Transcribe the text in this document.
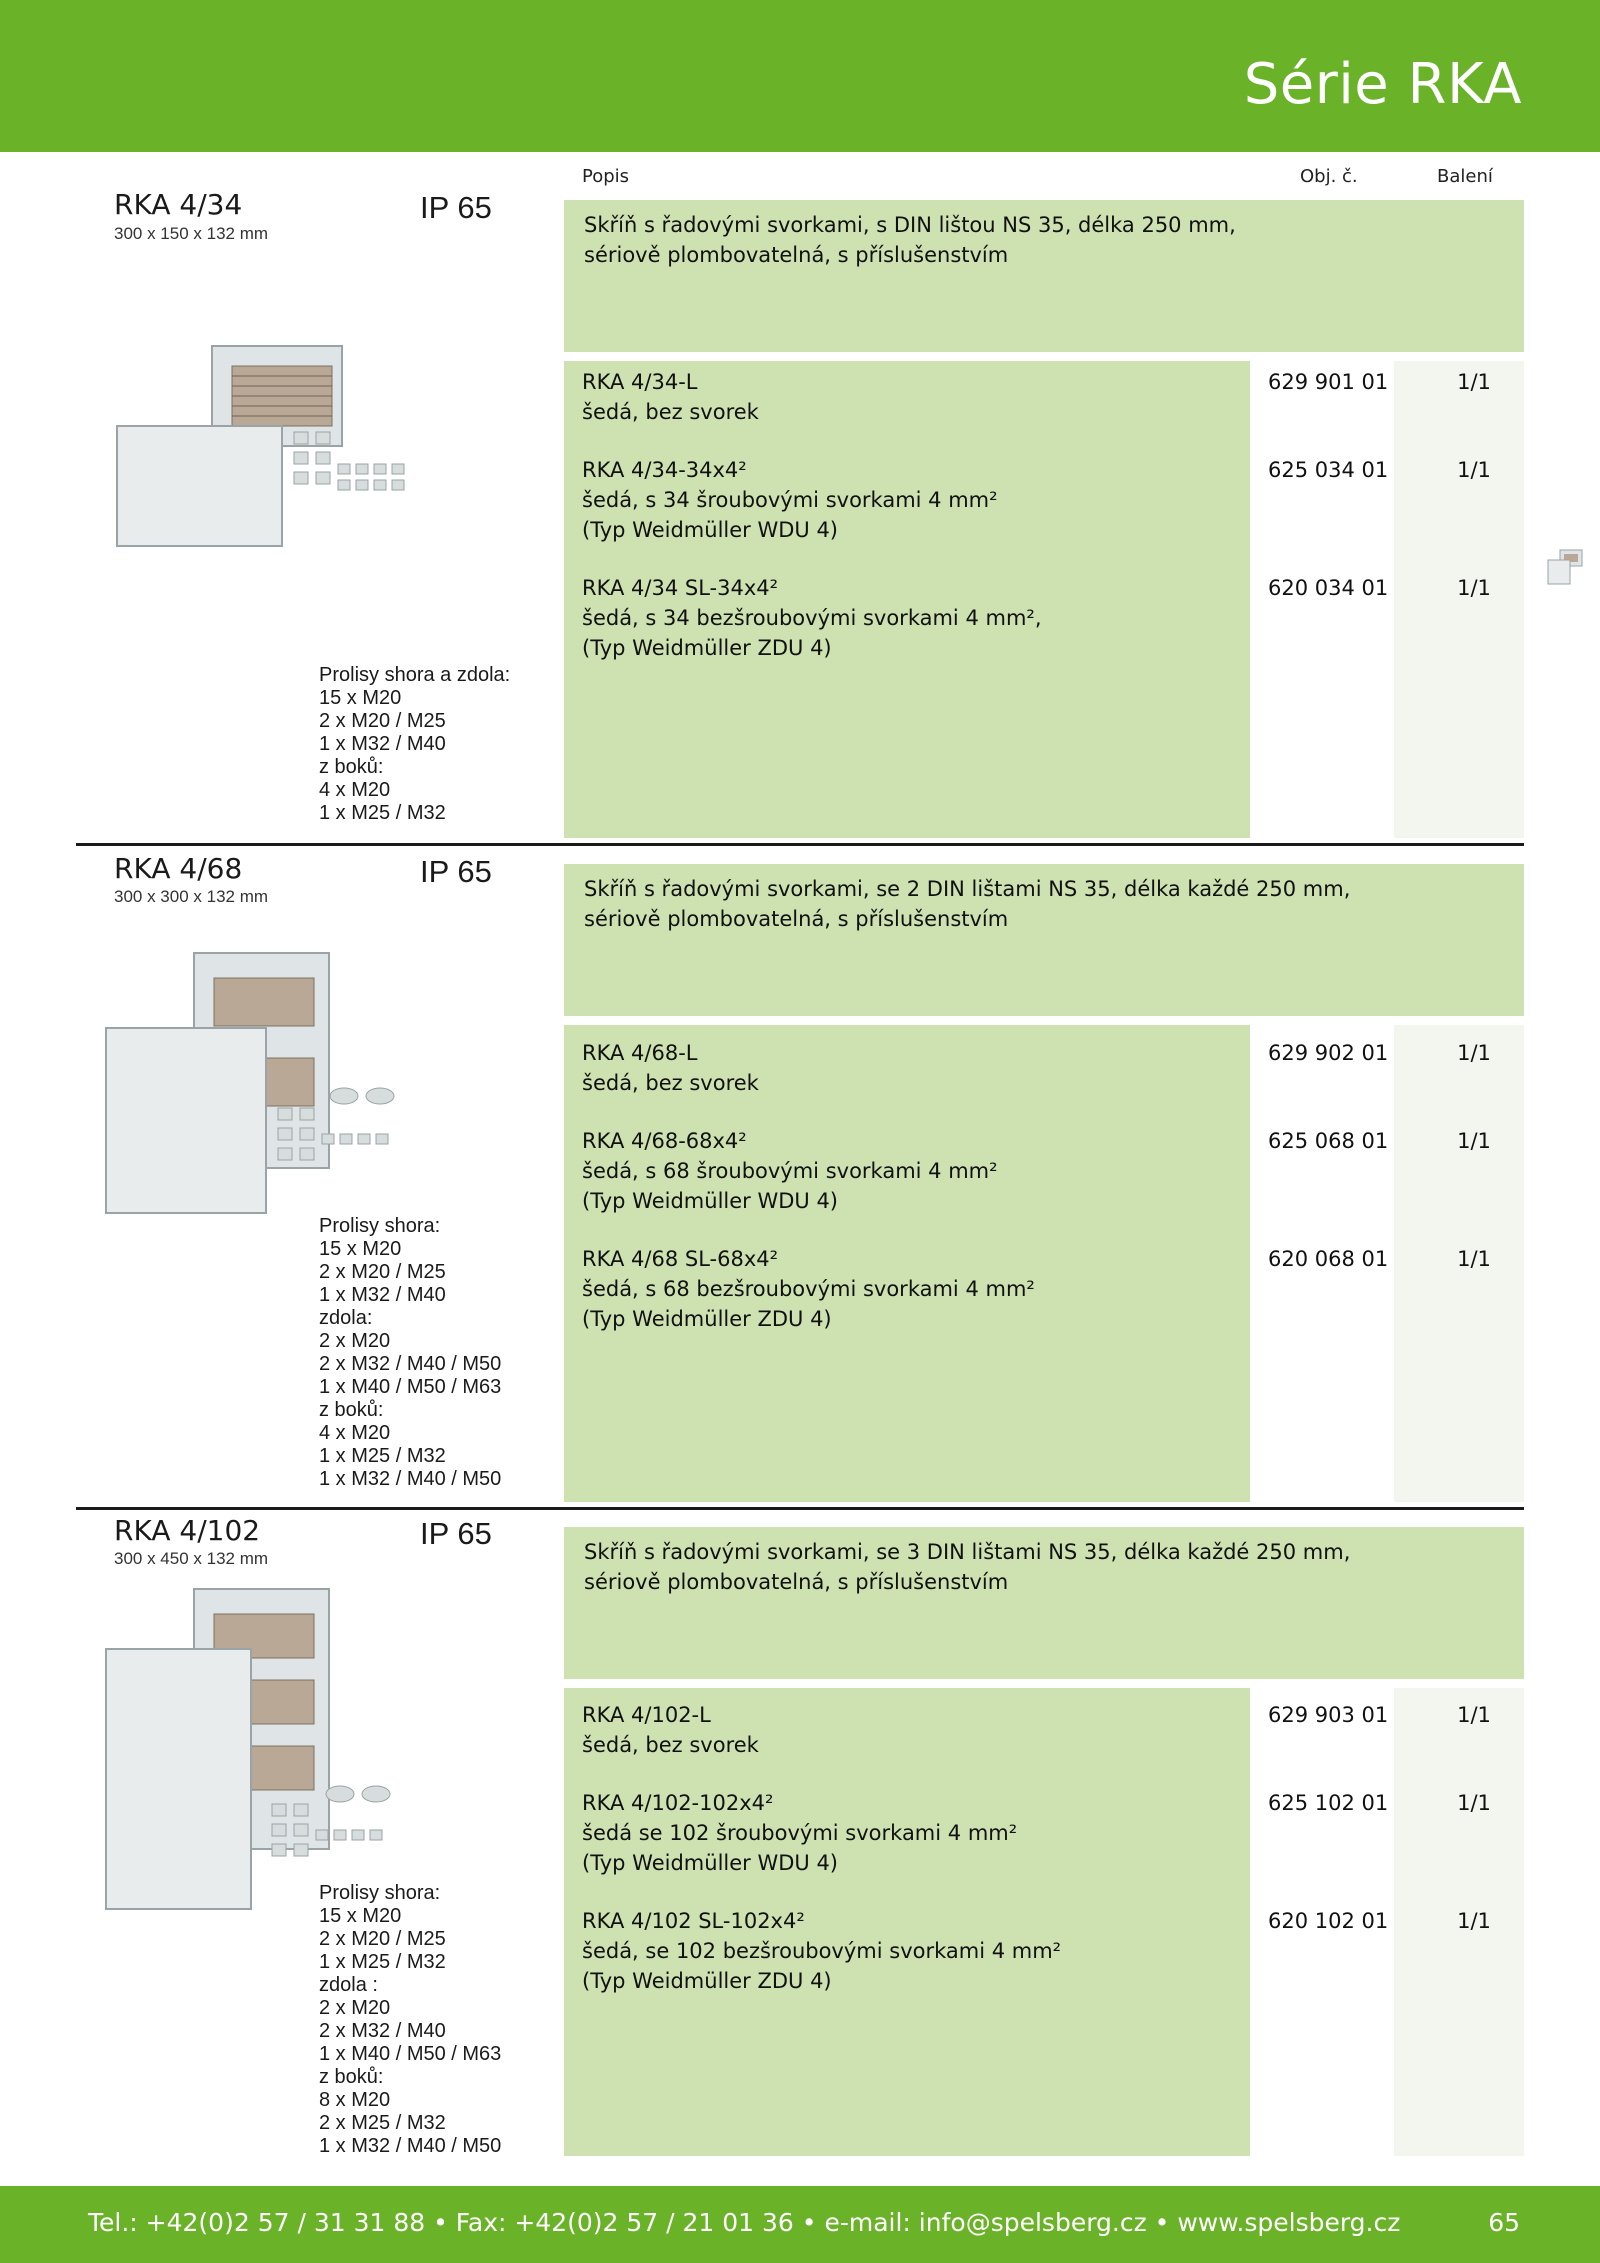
Série RKA
Popis	Obj. č.	Balení
RKA 4/34
300 x 150 x 132 mm
IP 65	Skříň s řadovými svorkami, s DIN lištou NS 35, délka 250 mm,
sériově plombovatelná, s příslušenstvím
RKA 4/34-L
šedá, bez svorek
629 901 01	1/1
RKA 4/34-34x4²
šedá, s 34 šroubovými svorkami 4 mm²
(Typ Weidmüller WDU 4)
625 034 01	1/1
RKA 4/34 SL-34x4²
šedá, s 34 bezšroubovými svorkami 4 mm²,
(Typ Weidmüller ZDU 4)
620 034 01	1/1
Prolisy shora a zdola:
15 x M20
2 x M20 / M25
1 x M32 / M40
z boků:
4 x M20
1 x M25 / M32
RKA 4/68
300 x 300 x 132 mm
IP 65	Skříň s řadovými svorkami, se 2 DIN lištami NS 35, délka každé 250 mm,
sériově plombovatelná, s příslušenstvím
RKA 4/68-L
šedá, bez svorek
629 902 01	1/1
RKA 4/68-68x4²
šedá, s 68 šroubovými svorkami 4 mm²
(Typ Weidmüller WDU 4)
625 068 01	1/1
RKA 4/68 SL-68x4²
šedá, s 68 bezšroubovými svorkami 4 mm²
(Typ Weidmüller ZDU 4)
620 068 01	1/1
Prolisy shora:
15 x M20
2 x M20 / M25
1 x M32 / M40
zdola:
2 x M20
2 x M32 / M40 / M50
1 x M40 / M50 / M63
z boků:
4 x M20
1 x M25 / M32
1 x M32 / M40 / M50
RKA 4/102
300 x 450 x 132 mm
IP 65
Skříň s řadovými svorkami, se 3 DIN lištami NS 35, délka každé 250 mm,
sériově plombovatelná, s příslušenstvím
RKA 4/102-L
šedá, bez svorek
629 903 01	1/1
RKA 4/102-102x4²
šedá se 102 šroubovými svorkami 4 mm²
(Typ Weidmüller WDU 4)
625 102 01	1/1
RKA 4/102 SL-102x4²
šedá, se 102 bezšroubovými svorkami 4 mm²
(Typ Weidmüller ZDU 4)
620 102 01	1/1
Prolisy shora:
15 x M20
2 x M20 / M25
1 x M25 / M32
zdola :
2 x M20
2 x M32 / M40
1 x M40 / M50 / M63
z boků:
8 x M20
2 x M25 / M32
1 x M32 / M40 / M50
Tel.: +42(0)2 57 / 31 31 88 • Fax: +42(0)2 57 / 21 01 36 • e-mail: info@spelsberg.cz • www.spelsberg.cz	65
